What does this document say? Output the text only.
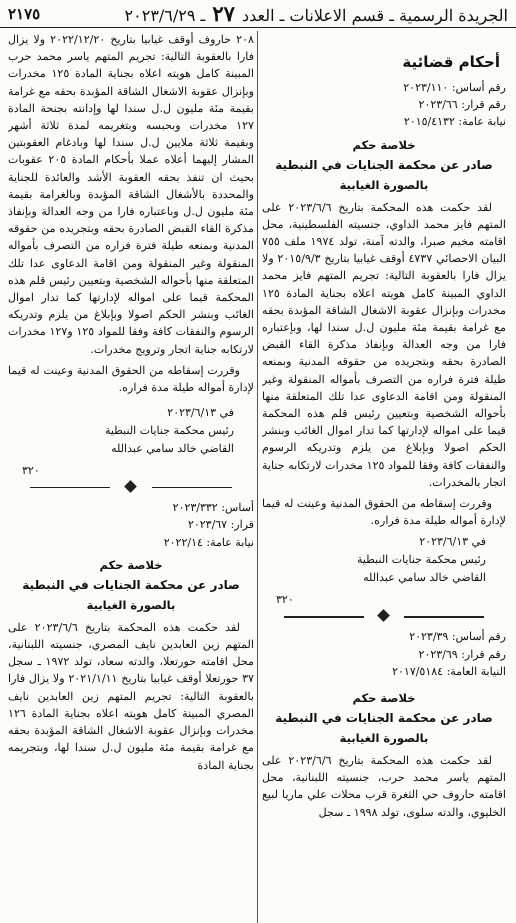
الجريدة الرسمية ـ قسم الاعلانات ـ العدد ٢٧ ـ ٢٠٢٣/٦/٢٩
٢١٧٥
أحكام قضائية
رقم أساس: ٢٠٢٣/١١٠
رقم قرار: ٢٠٢٣/٦٦
نيابة عامة: ٢٠١٥/٤١٣٢
خلاصة حكم
صادر عن محكمة الجنايات في النبطية
بالصورة الغيابية

لقد حكمت هذه المحكمة بتاريخ ٢٠٢٣/٦/٦ على المتهم فايز محمد الداوي، جنسيته الفلسطينية، محل اقامته مخيم صبرا، والدته آمنة، تولد ١٩٧٤ ملف ٧٥٥ البيان الاحصائي ٤٧٣٧ أوقف غيابيا بتاريخ ٢٠١٥/٩/٣ ولا يزال فارا بالعقوبة التالية: تجريم المتهم فايز محمد الداوي المبينة كامل هويته اعلاه بجناية المادة ١٢٥ مخدرات وبإنزال عقوبة الاشغال الشاقة المؤبدة بحقه مع غرامة بقيمة مئة مليون ل.ل سندا لها، وبإعتباره فارا من وجه العدالة وبإنفاذ مذكرة القاء القبض الصادرة بحقه وبتجريده من حقوقه المدنية وبمنعه طيلة فترة فراره من التصرف بأمواله المنقولة وغير المنقولة ومن اقامة الدعاوى عدا تلك المتعلقة منها بأحواله الشخصية وبتعيين رئيس قلم هذه المحكمة قيما على امواله لإدارتها كما تدار اموال الغائب وبنشر الحكم اصولا وبإبلاغ من يلزم وتدريكه الرسوم والنفقات كافة وفقا للمواد ١٢٥ مخدرات لارتكابه جناية اتجار بالمخدرات.

وقررت إسقاطه من الحقوق المدنية وعينت له قيما لإدارة أمواله طيلة مدة فراره.

في ٢٠٢٣/٦/١٣
رئيس محكمة جنايات النبطية
القاضي خالد سامي عبدالله
٣٢٠
رقم أساس: ٢٠٢٣/٣٩
رقم قرار: ٢٠٢٣/٦٩
النيابة العامة: ٢٠١٧/٥١٨٤
خلاصة حكم
صادر عن محكمة الجنايات في النبطية
بالصورة الغيابية

لقد حكمت هذه المحكمة بتاريخ ٢٠٢٣/٦/٦ على المتهم ياسر محمد حرب، جنسيته اللبنانية، محل اقامته حاروف حي الثغرة قرب محلات علي ماريا لبيع الخليوي، والدته سلوى، تولد ١٩٩٨ ـ سجل

٢٠٨ حاروف أوقف غيابيا بتاريخ ٢٠٢٢/١٢/٢٠ ولا يزال فارا بالعقوبة التالية: تجريم المتهم ياسر محمد حرب المبينة كامل هويته اعلاه بجناية المادة ١٢٥ مخدرات وبإنزال عقوبة الاشغال الشاقة المؤبدة بحقه مع غرامة بقيمة مئة مليون ل.ل سندا لها وإدانته بجنحة المادة ١٢٧ مخدرات وبحبسه وبتغريمه لمدة ثلاثة أشهر وبقيمة ثلاثة ملايين ل.ل سندا لها وبادغام العقوبتين المشار إليهما أعلاه عملا بأحكام المادة ٢٠٥ عقوبات بحيث ان تنفذ بحقه العقوبة الأشد والعائدة للجناية والمحددة بالأشغال الشاقة المؤبدة وبالغرامة بقيمة مئة مليون ل.ل وباعتباره فارا من وجه العدالة وبإنفاذ مذكرة القاء القبض الصادرة بحقه وبتجريده من حقوقه المدنية وبمنعه طيلة فترة فراره من التصرف بأمواله المنقولة وغير المنقولة ومن اقامة الدعاوى عدا تلك المتعلقة منها بأحواله الشخصية وبتعيين رئيس قلم هذه المحكمة قيما على امواله لإدارتها كما تدار اموال الغائب وبنشر الحكم اصولا وبإبلاغ من يلزم وتدريكه الرسوم والنفقات كافة وفقا للمواد ١٢٥ و١٢٧ مخدرات لارتكابه جناية اتجار وترويج مخدرات.

وقررت إسقاطه من الحقوق المدنية وعينت له قيما لإدارة أمواله طيلة مدة فراره.

في ٢٠٢٣/٦/١٣
رئيس محكمة جنايات النبطية
القاضي خالد سامي عبدالله
٣٢٠
أساس: ٢٠٢٣/٣٣٢
قرار: ٢٠٢٣/٦٧
نيابة عامة: ٢٠٢٢/١٤
خلاصة حكم
صادر عن محكمة الجنايات في النبطية
بالصورة الغيابية

لقد حكمت هذه المحكمة بتاريخ ٢٠٢٣/٦/٦ على المتهم زين العابدين نايف المصري، جنسيته اللبنانية، محل اقامته حورتعلا، والدته سعاد، تولد ١٩٧٢ ـ سجل ٣٧ حورتعلا أوقف غيابيا بتاريخ ٢٠٢١/١/١١ ولا يزال فارا بالعقوبة التالية: تجريم المتهم زين العابدين نايف المصري المبينة كامل هويته اعلاه بجناية المادة ١٢٦ مخدرات وبإنزال عقوبة الاشغال الشاقة المؤبدة بحقه مع غرامة بقيمة مئة مليون ل.ل سندا لها، وبتجريمه بجناية المادة
